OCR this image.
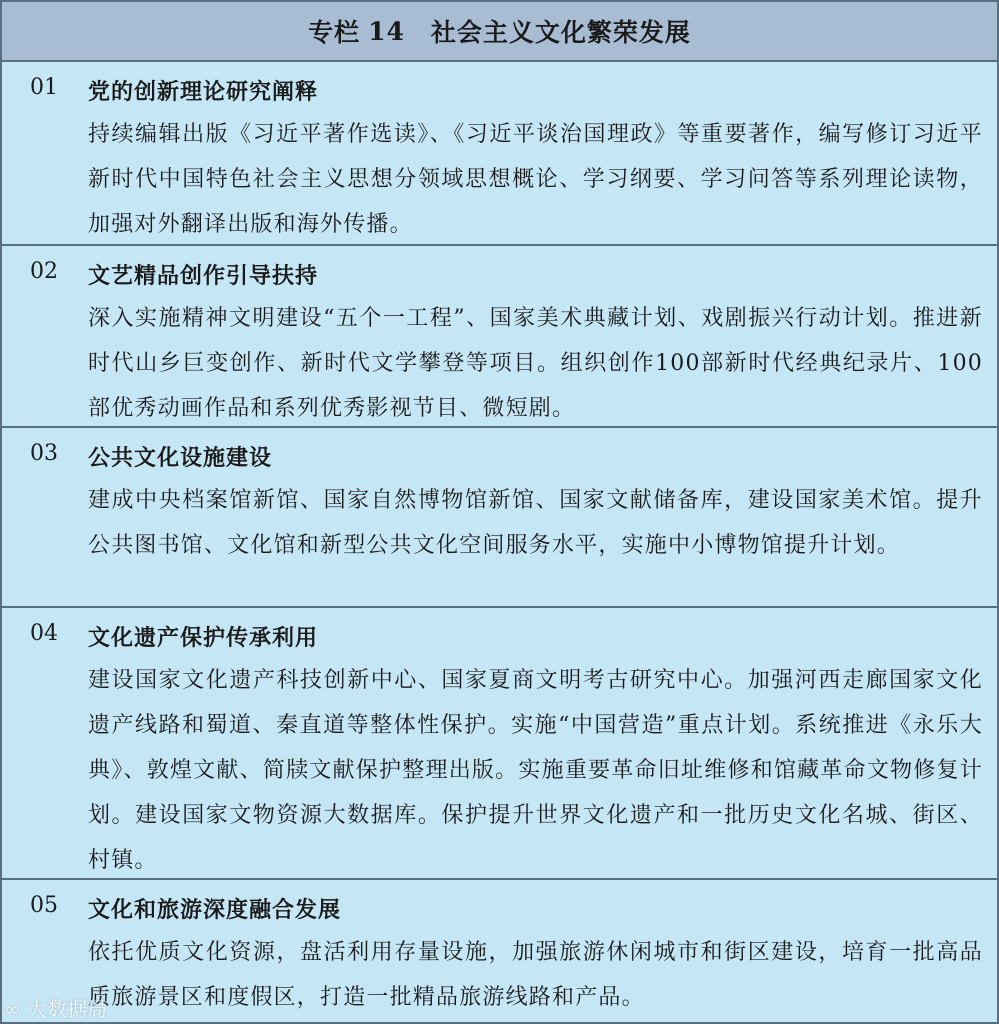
专栏 14 社会主义文化繁荣发展
01 党的创新理论研究阐释
持续编辑出版《习近平著作选读》、《习近平谈治国理政》等重要著作，编写修订习近平新时代中国特色社会主义思想分领域思想概论、学习纲要、学习问答等系列理论读物，加强对外翻译出版和海外传播。
02 文艺精品创作引导扶持
深入实施精神文明建设“五个一工程”、国家美术典藏计划、戏剧振兴行动计划。推进新时代山乡巨变创作、新时代文学攀登等项目。组织创作100部新时代经典纪录片、100部优秀动画作品和系列优秀影视节目、微短剧。
03 公共文化设施建设
建成中央档案馆新馆、国家自然博物馆新馆、国家文献储备库，建设国家美术馆。提升公共图书馆、文化馆和新型公共文化空间服务水平，实施中小博物馆提升计划。
04 文化遗产保护传承利用
建设国家文化遗产科技创新中心、国家夏商文明考古研究中心。加强河西走廊国家文化遗产线路和蜀道、秦直道等整体性保护。实施“中国营造”重点计划。系统推进《永乐大典》、敦煌文献、简牍文献保护整理出版。实施重要革命旧址维修和馆藏革命文物修复计划。建设国家文物资源大数据库。保护提升世界文化遗产和一批历史文化名城、街区、村镇。
05 文化和旅游深度融合发展
依托优质文化资源，盘活利用存量设施，加强旅游休闲城市和街区建设，培育一批高品质旅游景区和度假区，打造一批精品旅游线路和产品。
∞ 大数据局
